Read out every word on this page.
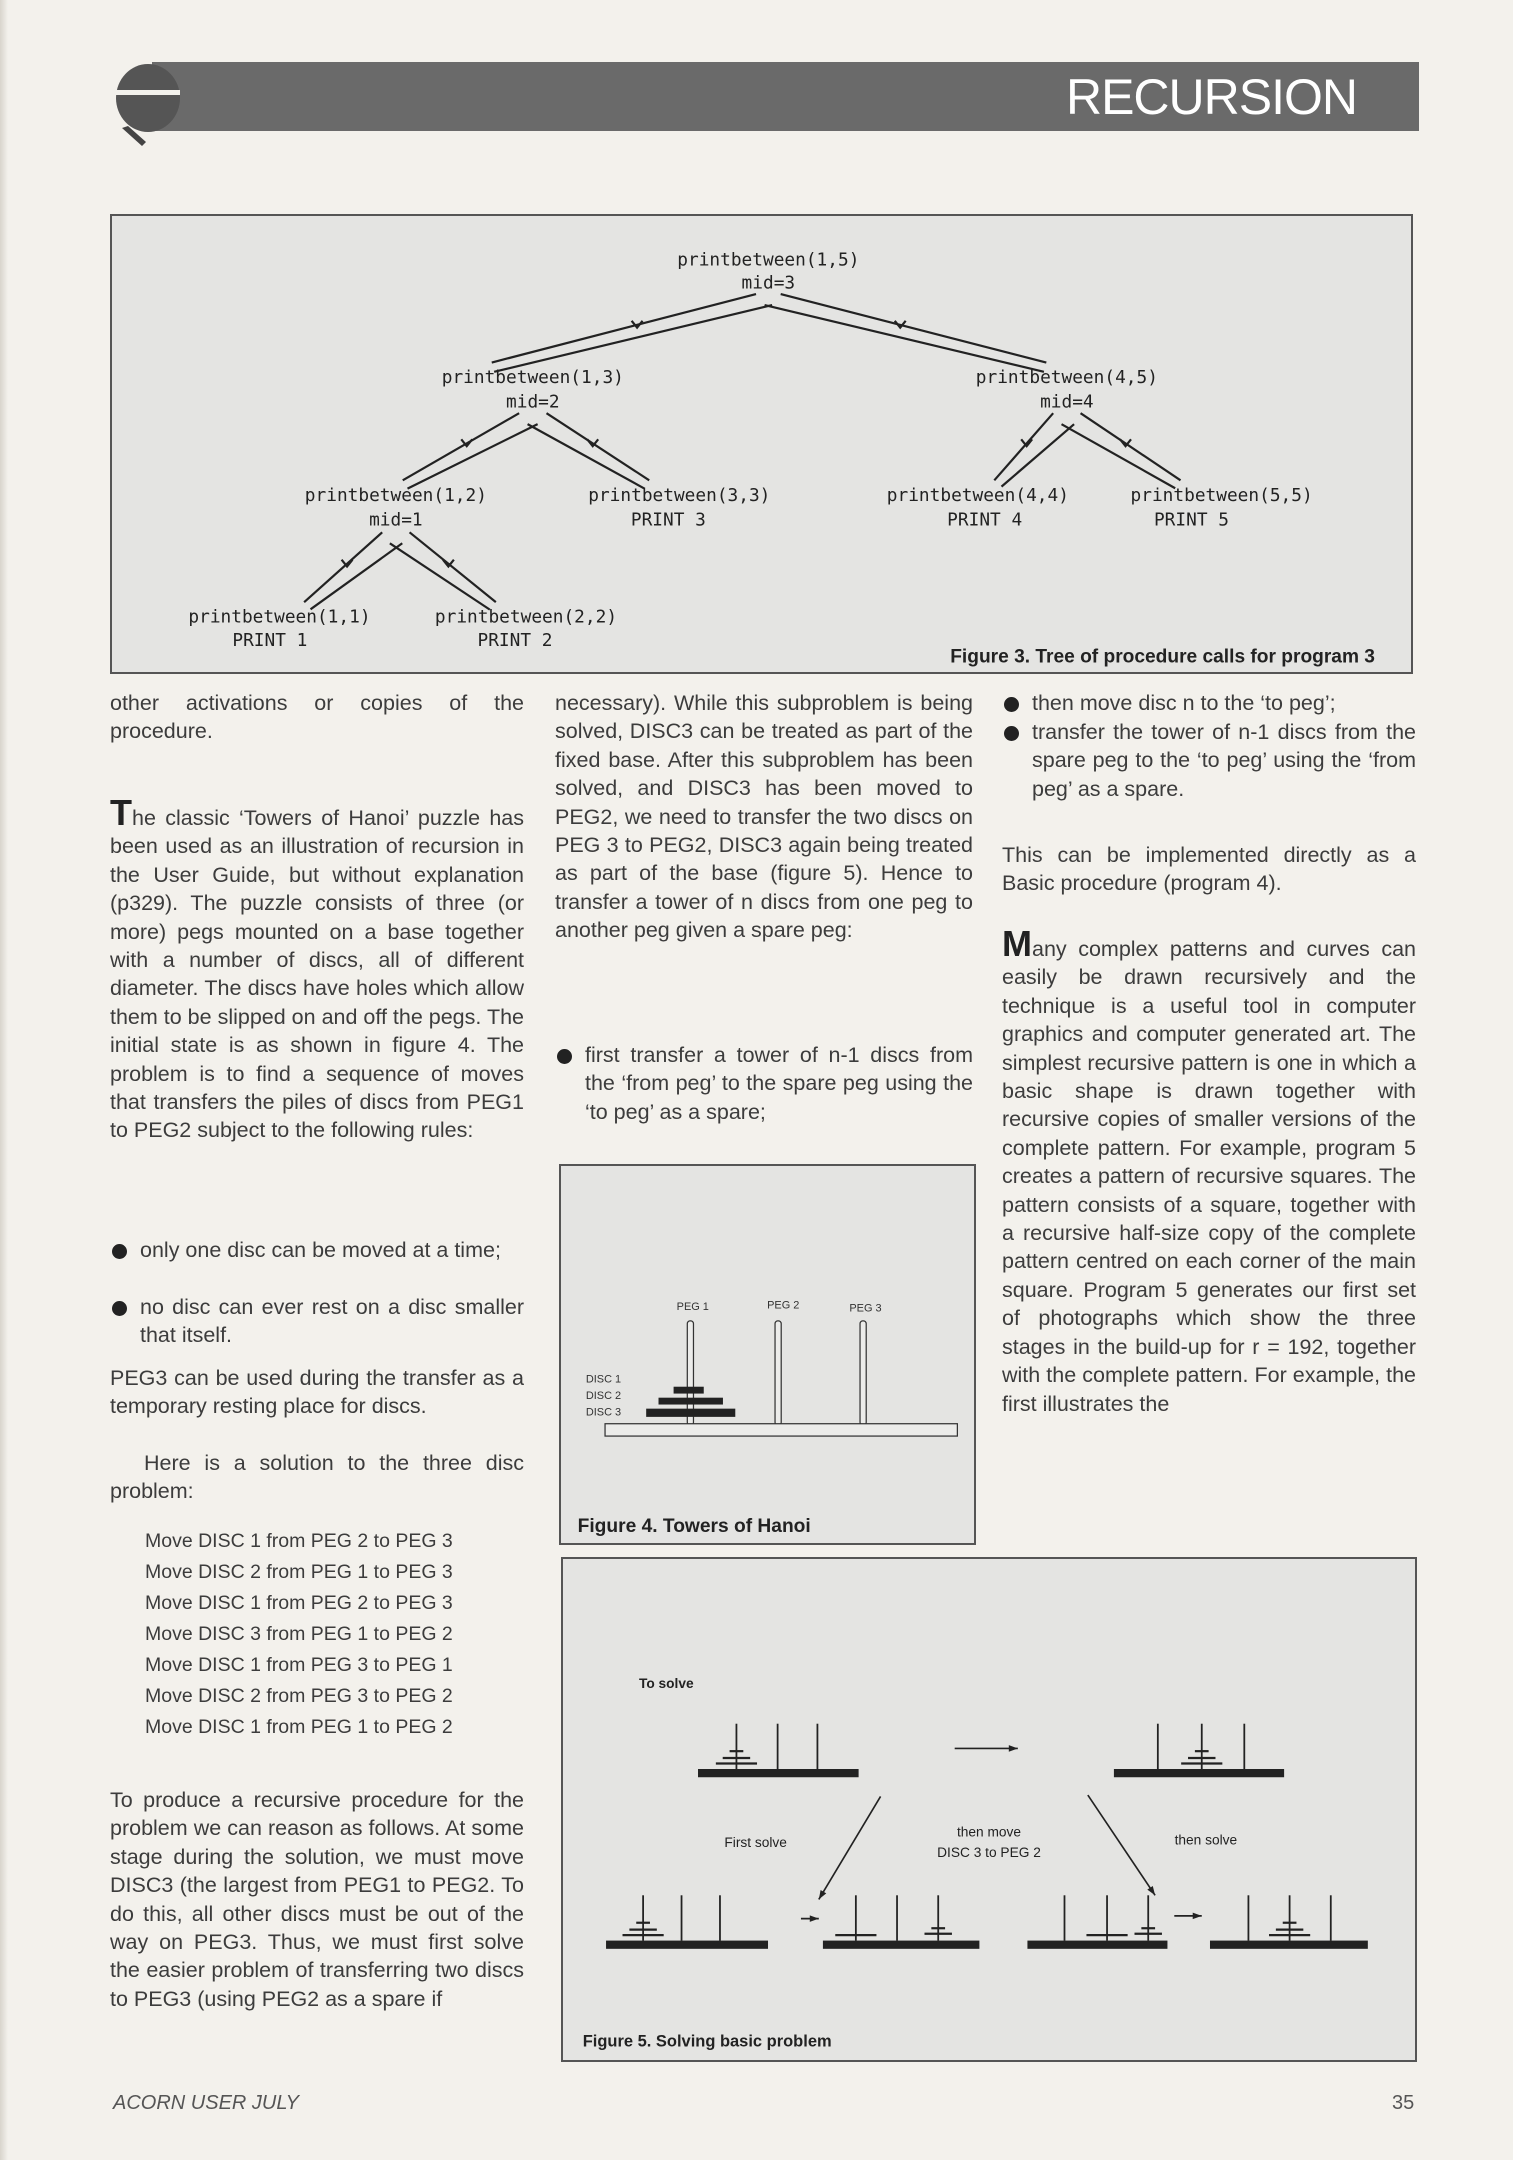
RECURSION
printbetween(1,5)
mid=3
printbetween(1,3)
mid=2
printbetween(4,5)
mid=4
printbetween(1,2)
mid=1
printbetween(3,3)
PRINT 3
printbetween(4,4)
PRINT 4
printbetween(5,5)
PRINT 5
printbetween(1,1)
PRINT 1
printbetween(2,2)
PRINT 2
Figure 3. Tree of procedure calls for program 3

other activations or copies of the procedure.

The classic ‘Towers of Hanoi’ puzzle has been used as an illustration of recursion in the User Guide, but without explanation (p329). The puzzle consists of three (or more) pegs mounted on a base together with a number of discs, all of different diameter. The discs have holes which allow them to be slipped on and off the pegs. The initial state is as shown in figure 4. The problem is to find a sequence of moves that transfers the piles of discs from PEG1 to PEG2 subject to the following rules:

only one disc can be moved at a time;
no disc can ever rest on a disc smaller that itself.

PEG3 can be used during the transfer as a temporary resting place for discs.

Here is a solution to the three disc problem:

Move DISC 1 from PEG 2 to PEG 3
Move DISC 2 from PEG 1 to PEG 3
Move DISC 1 from PEG 2 to PEG 3
Move DISC 3 from PEG 1 to PEG 2
Move DISC 1 from PEG 3 to PEG 1
Move DISC 2 from PEG 3 to PEG 2
Move DISC 1 from PEG 1 to PEG 2

To produce a recursive procedure for the problem we can reason as follows. At some stage during the solution, we must move DISC3 (the largest from PEG1 to PEG2. To do this, all other discs must be out of the way on PEG3. Thus, we must first solve the easier problem of transferring two discs to PEG3 (using PEG2 as a spare if

necessary). While this subproblem is being solved, DISC3 can be treated as part of the fixed base. After this subproblem has been solved, and DISC3 has been moved to PEG2, we need to transfer the two discs on PEG 3 to PEG2, DISC3 again being treated as part of the base (figure 5). Hence to transfer a tower of n discs from one peg to another peg given a spare peg:

first transfer a tower of n-1 discs from the ‘from peg’ to the spare peg using the ‘to peg’ as a spare;
PEG 1	PEG 2	PEG 3
DISC 1
DISC 2
DISC 3
Figure 4. Towers of Hanoi
To solve
First solve
then move
DISC 3 to PEG 2
then solve
Figure 5. Solving basic problem
then move disc n to the ‘to peg’;
transfer the tower of n-1 discs from the spare peg to the ‘to peg’ using the ‘from peg’ as a spare.

This can be implemented directly as a Basic procedure (program 4).

Many complex patterns and curves can easily be drawn recursively and the technique is a useful tool in computer graphics and computer generated art. The simplest recursive pattern is one in which a basic shape is drawn together with recursive copies of smaller versions of the complete pattern. For example, program 5 creates a pattern of recursive squares. The pattern consists of a square, together with a recursive half-size copy of the complete pattern centred on each corner of the main square. Program 5 generates our first set of photographs which show the three stages in the build-up for r = 192, together with the complete pattern. For example, the first illustrates the

ACORN USER JULY	35
